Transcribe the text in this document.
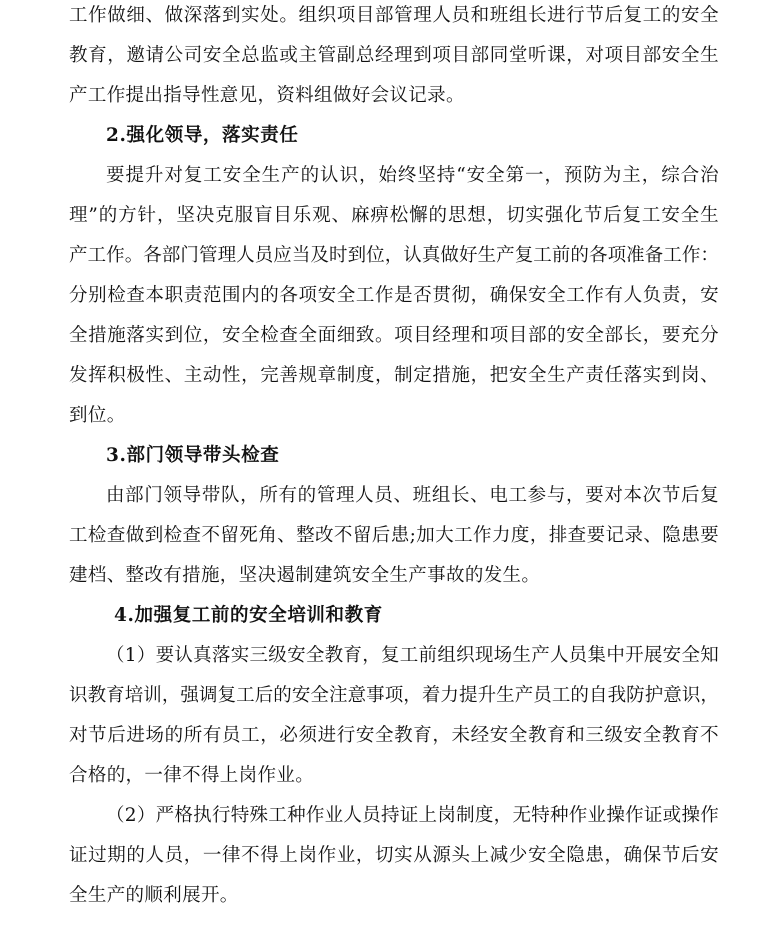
工作做细、做深落到实处。组织项目部管理人员和班组长进行节后复工的安全
教育，邀请公司安全总监或主管副总经理到项目部同堂听课，对项目部安全生
产工作提出指导性意见，资料组做好会议记录。
2.强化领导，落实责任
要提升对复工安全生产的认识，始终坚持“安全第一，预防为主，综合治
理”的方针，坚决克服盲目乐观、麻痹松懈的思想，切实强化节后复工安全生
产工作。各部门管理人员应当及时到位，认真做好生产复工前的各项准备工作：
分别检查本职责范围内的各项安全工作是否贯彻，确保安全工作有人负责，安
全措施落实到位，安全检查全面细致。项目经理和项目部的安全部长，要充分
发挥积极性、主动性，完善规章制度，制定措施，把安全生产责任落实到岗、
到位。
3.部门领导带头检查
由部门领导带队，所有的管理人员、班组长、电工参与，要对本次节后复
工检查做到检查不留死角、整改不留后患;加大工作力度，排查要记录、隐患要
建档、整改有措施，坚决遏制建筑安全生产事故的发生。
4.加强复工前的安全培训和教育
（1）要认真落实三级安全教育，复工前组织现场生产人员集中开展安全知
识教育培训，强调复工后的安全注意事项，着力提升生产员工的自我防护意识，
对节后进场的所有员工，必须进行安全教育，未经安全教育和三级安全教育不
合格的，一律不得上岗作业。
（2）严格执行特殊工种作业人员持证上岗制度，无特种作业操作证或操作
证过期的人员，一律不得上岗作业，切实从源头上减少安全隐患，确保节后安
全生产的顺利展开。
